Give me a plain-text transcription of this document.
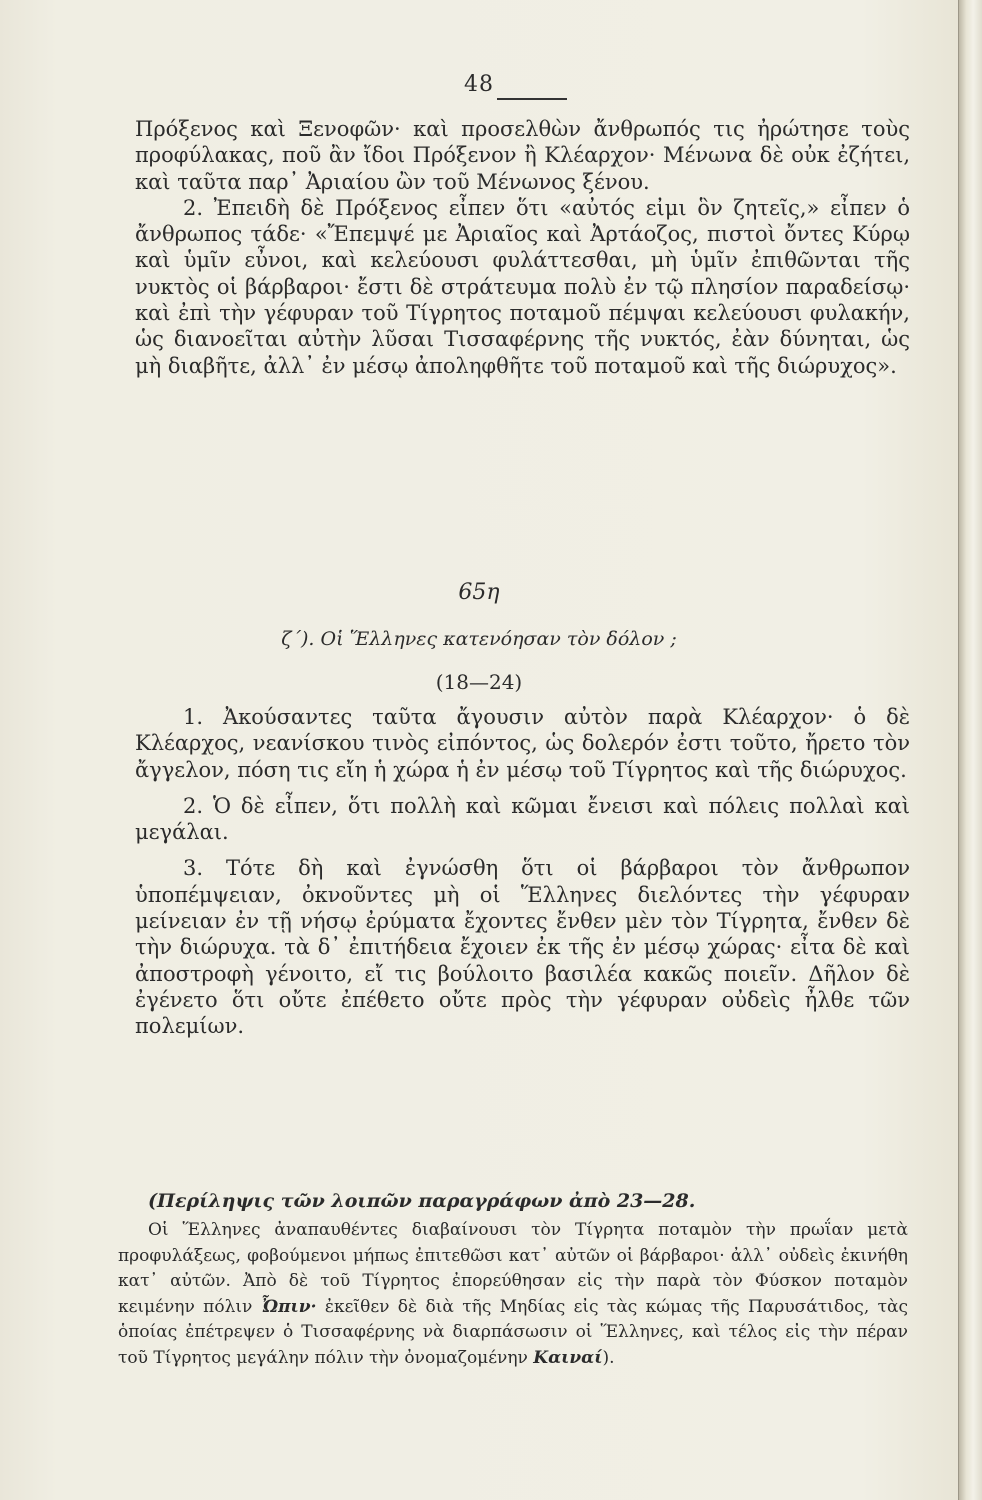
48

Πρόξενος καὶ Ξενοφῶν· καὶ προσελθὼν ἄνθρωπός τις ἠρώτησε τοὺς προφύλακας, ποῦ ἂν ἴδοι Πρόξενον ἢ Κλέαρχον· Μένωνα δὲ οὐκ ἐζήτει, καὶ ταῦτα παρ᾽ Ἀριαίου ὢν τοῦ Μένωνος ξένου.

2. Ἐπειδὴ δὲ Πρόξενος εἶπεν ὅτι «αὐτός εἰμι ὃν ζητεῖς,» εἶπεν ὁ ἄνθρωπος τάδε· «Ἔπεμψέ με Ἀριαῖος καὶ Ἀρτάοζος, πιστοὶ ὄντες Κύρῳ καὶ ὑμῖν εὖνοι, καὶ κελεύουσι φυλάττεσθαι, μὴ ὑμῖν ἐπιθῶνται τῆς νυκτὸς οἱ βάρβαροι· ἔστι δὲ στράτευμα πολὺ ἐν τῷ πλησίον παραδείσῳ· καὶ ἐπὶ τὴν γέφυραν τοῦ Τίγρητος ποταμοῦ πέμψαι κελεύουσι φυλακήν, ὡς διανοεῖται αὐτὴν λῦσαι Τισσαφέρνης τῆς νυκτός, ἐὰν δύνηται, ὡς μὴ διαβῆτε, ἀλλ᾽ ἐν μέσῳ ἀποληφθῆτε τοῦ ποταμοῦ καὶ τῆς διώρυχος».

65η
ζ΄). Οἱ Ἕλληνες κατενόησαν τὸν δόλον ;
(18—24)

1. Ἀκούσαντες ταῦτα ἄγουσιν αὐτὸν παρὰ Κλέαρχον· ὁ δὲ Κλέαρχος, νεανίσκου τινὸς εἰπόντος, ὡς δολερόν ἐστι τοῦτο, ἤρετο τὸν ἄγγελον, πόση τις εἴη ἡ χώρα ἡ ἐν μέσῳ τοῦ Τίγρητος καὶ τῆς διώρυχος.

2. Ὁ δὲ εἶπεν, ὅτι πολλὴ καὶ κῶμαι ἔνεισι καὶ πόλεις πολλαὶ καὶ μεγάλαι.

3. Τότε δὴ καὶ ἐγνώσθη ὅτι οἱ βάρβαροι τὸν ἄνθρωπον ὑποπέμψειαν, ὀκνοῦντες μὴ οἱ Ἕλληνες διελόντες τὴν γέφυραν μείνειαν ἐν τῇ νήσῳ ἐρύματα ἔχοντες ἔνθεν μὲν τὸν Τίγρητα, ἔνθεν δὲ τὴν διώρυχα. τὰ δ᾽ ἐπιτήδεια ἔχοιεν ἐκ τῆς ἐν μέσῳ χώρας· εἶτα δὲ καὶ ἀποστροφὴ γένοιτο, εἴ τις βούλοιτο βασιλέα κακῶς ποιεῖν. Δῆλον δὲ ἐγένετο ὅτι οὔτε ἐπέθετο οὔτε πρὸς τὴν γέφυραν οὐδεὶς ἦλθε τῶν πολεμίων.

(Περίληψις τῶν λοιπῶν παραγράφων ἀπὸ 23—28.

Οἱ Ἕλληνες ἀναπαυθέντες διαβαίνουσι τὸν Τίγρητα ποταμὸν τὴν πρωΐαν μετὰ προφυλάξεως, φοβούμενοι μήπως ἐπιτεθῶσι κατ᾽ αὐτῶν οἱ βάρβαροι· ἀλλ᾽ οὐδεὶς ἐκινήθη κατ᾽ αὐτῶν. Ἀπὸ δὲ τοῦ Τίγρητος ἐπορεύθησαν εἰς τὴν παρὰ τὸν Φύσκον ποταμὸν κειμένην πόλιν Ὦπιν· ἐκεῖθεν δὲ διὰ τῆς Μηδίας εἰς τὰς κώμας τῆς Παρυσάτιδος, τὰς ὁποίας ἐπέτρεψεν ὁ Τισσαφέρνης νὰ διαρπάσωσιν οἱ Ἕλληνες, καὶ τέλος εἰς τὴν πέραν τοῦ Τίγρητος μεγάλην πόλιν τὴν ὀνομαζομένην Καιναί).
